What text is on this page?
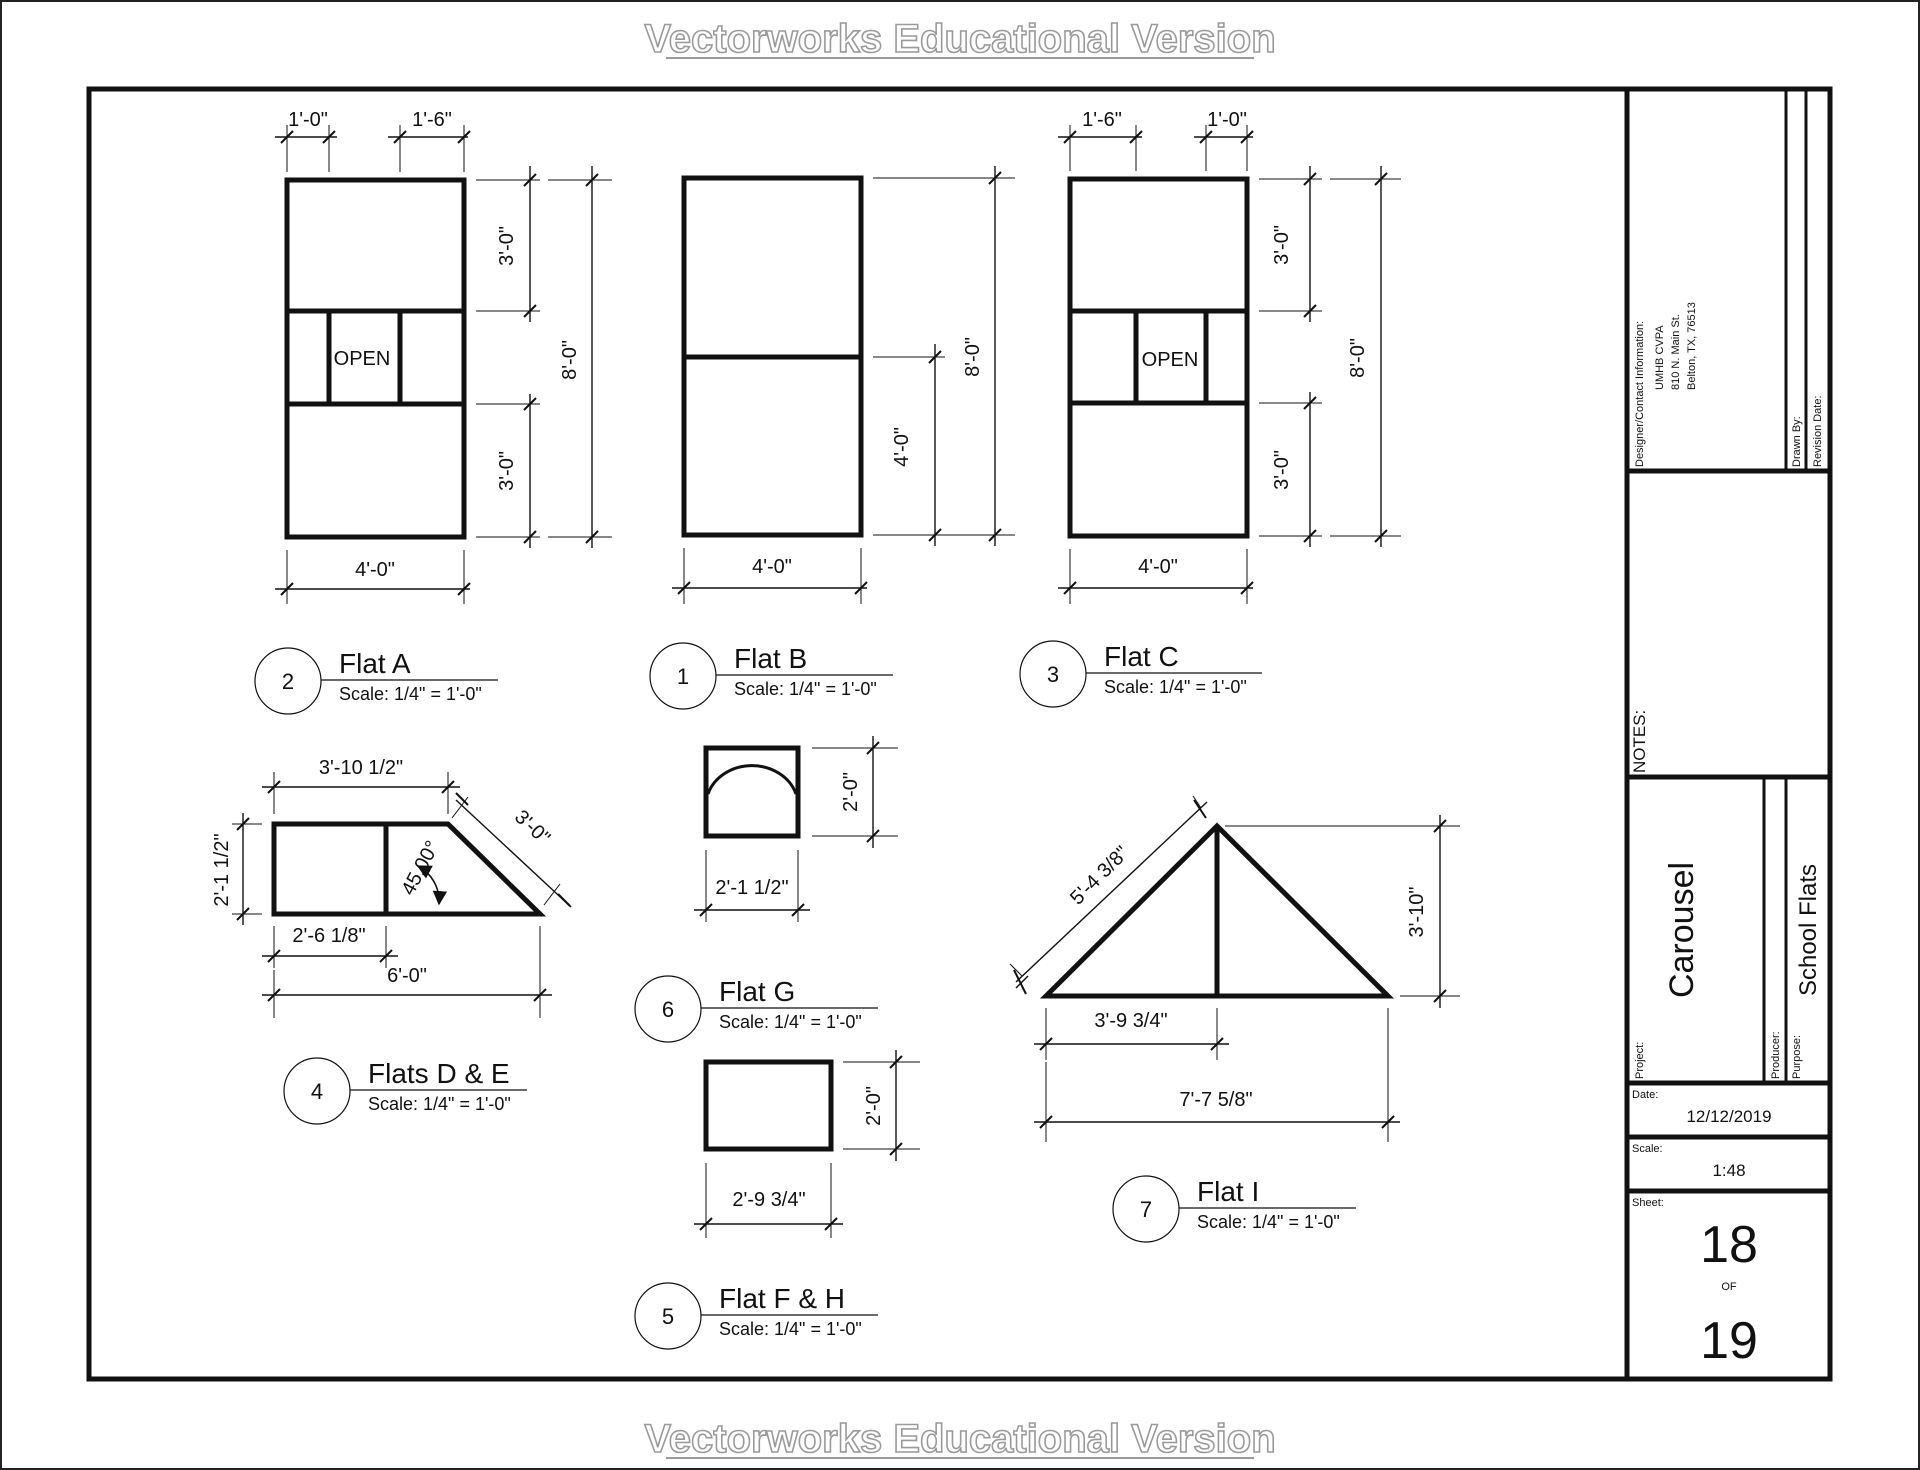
Vectorworks Educational Version
Vectorworks Educational Version
OPEN
1'-0"	1'-6"
3'-0"
3'-0"
8'-0"
4'-0"
2
Flat A
Scale: 1/4" = 1'-0"
4'-0"
8'-0"
4'-0"
1
Flat B
Scale: 1/4" = 1'-0"
OPEN
1'-6"	1'-0"
3'-0"
3'-0"
8'-0"
4'-0"
3
Flat C
Scale: 1/4" = 1'-0"
3'-10 1/2"
3'-0"
2'-1 1/2"	45.00°
2'-6 1/8"
6'-0"
4
Flats D & E
Scale: 1/4" = 1'-0"
2'-0"
2'-1 1/2"
6
Flat G
Scale: 1/4" = 1'-0"
2'-0"
2'-9 3/4"
5
Flat F & H
Scale: 1/4" = 1'-0"
5'-4 3/8"
3'-10"
3'-9 3/4"
7'-7 5/8"
7
Flat I
Scale: 1/4" = 1'-0"
Designer/Contact Information: UMHB CVPA 810 N. Main St. Belton, TX, 76513
Drawn By: Revision Date:
NOTES:
Project:
Carousel
Producer: Purpose:
School Flats
Date:
12/12/2019
Scale:
1:48
Sheet:
18
OF
19
